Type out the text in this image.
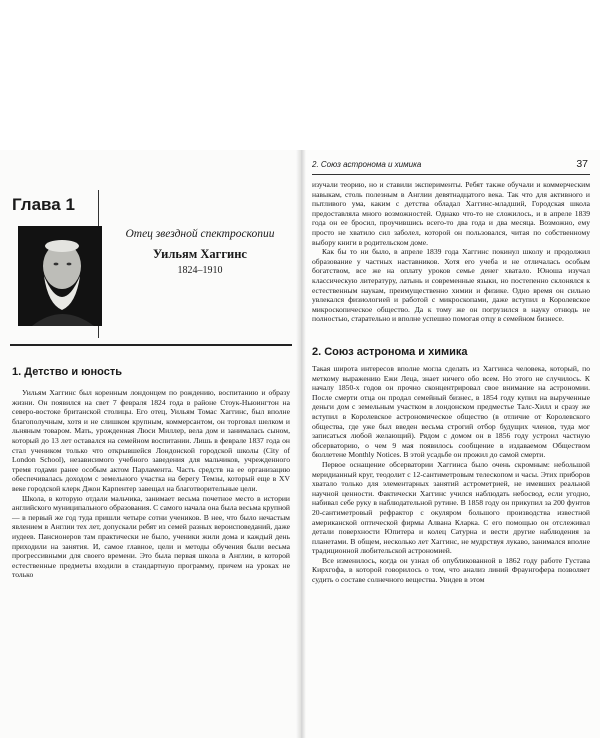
Глава 1
Отец звездной спектроскопии
Уильям Хаггинс
1824–1910
1. Детство и юность

Уильям Хаггинс был коренным лондонцем по рождению, воспитанию и образу жизни. Он появился на свет 7 февраля 1824 года в районе Стоук-Ньюингтон на северо-востоке британской столицы. Его отец, Уильям Томас Хаггинс, был вполне благополучным, хотя и не слишком крупным, коммерсантом, он торговал шелком и льняным товаром. Мать, урожденная Люси Миллер, вела дом и занималась сыном, который до 13 лет оставался на семейном воспитании. Лишь в феврале 1837 года он стал учеником только что открывшейся Лондонской городской школы (City of London School), независимого учебного заведения для мальчиков, учрежденного тремя годами ранее особым актом Парламента. Часть средств на ее организацию обеспечивалась доходом с земельного участка на берегу Темзы, который еще в XV веке городской клерк Джон Карпентер завещал на благотворительные цели.

Школа, в которую отдали мальчика, занимает весьма почетное место в истории английского муниципального образования. С самого начала она была весьма крупной — в первый же год туда пришли четыре сотни учеников. В нее, что было нечастым явлением в Англии тех лет, допускали ребят из семей разных вероисповеданий, даже иудеев. Пансионеров там практически не было, ученики жили дома и каждый день приходили на занятия. И, самое главное, цели и методы обучения были весьма прогрессивными для своего времени. Это была первая школа в Англии, в которой естественные предметы входили в стандартную программу, причем на уроках не только

2. Союз астронома и химика	37

изучали теорию, но и ставили эксперименты. Ребят также обучали и коммерческим навыкам, столь полезным в Англии девятнадцатого века. Так что для активного и пытливого ума, каким с детства обладал Хаггинс-младший, Городская школа предоставляла много возможностей. Однако что-то не сложилось, и в апреле 1839 года он ее бросил, проучившись всего-то два года и два месяца. Возможно, ему просто не хватило сил заболел, которой он пользовался, читая по собственному выбору книги в родительском доме.

Как бы то ни было, в апреле 1839 года Хаггинс покинул школу и продолжил образование у частных наставников. Хотя его учеба и не отличалась особым богатством, все же на оплату уроков семье денег хватало. Юноша изучал классическую литературу, латынь и современные языки, но постепенно склонялся к естественным наукам, преимущественно химии и физике. Одно время он сильно увлекался физиологией и работой с микроскопами, даже вступил в Королевское микроскопическое общество. Да к тому же он погрузился в науку отнюдь не полностью, старательно и вполне успешно помогая отцу в семейном бизнесе.

2. Союз астронома и химика

Такая широта интересов вполне могла сделать из Хаггинса человека, который, по меткому выражению Ежи Леца, знает ничего обо всем. Но этого не случилось. К началу 1850-х годов он прочно сконцентрировал свое внимание на астрономии. После смерти отца он продал семейный бизнес, в 1854 году купил на вырученные деньги дом с земельным участком в лондонском предместье Талс-Хилл и сразу же вступил в Королевское астрономическое общество (в отличие от Королевского общества, где уже был введен весьма строгий отбор будущих членов, туда мог записаться любой желающий). Рядом с домом он в 1856 году устроил частную обсерваторию, о чем 9 мая появилось сообщение в издаваемом Обществом бюллетене Monthly Notices. В этой усадьбе он прожил до самой смерти.

Первое оснащение обсерватории Хаггинса было очень скромным: небольшой меридианный круг, теодолит с 12-сантиметровым телескопом и часы. Этих приборов хватало только для элементарных занятий астрометрией, не имевших реальной научной ценности. Фактически Хаггинс учился наблюдать небосвод, если угодно, набивал себе руку в наблюдательной рутине. В 1858 году он прикупил за 200 фунтов 20-сантиметровый рефрактор с окуляром большого производства известной американской оптической фирмы Алвана Кларка. С его помощью он отслеживал детали поверхности Юпитера и колец Сатурна и вести другие наблюдения за планетами. В общем, несколько лет Хаггинс, не мудрствуя лукаво, занимался вполне традиционной любительской астрономией.

Все изменилось, когда он узнал об опубликованной в 1862 году работе Густава Кирхгофа, в которой говорилось о том, что анализ линий Фраунгофера позволяет судить о составе солнечного вещества. Увидев в этом
